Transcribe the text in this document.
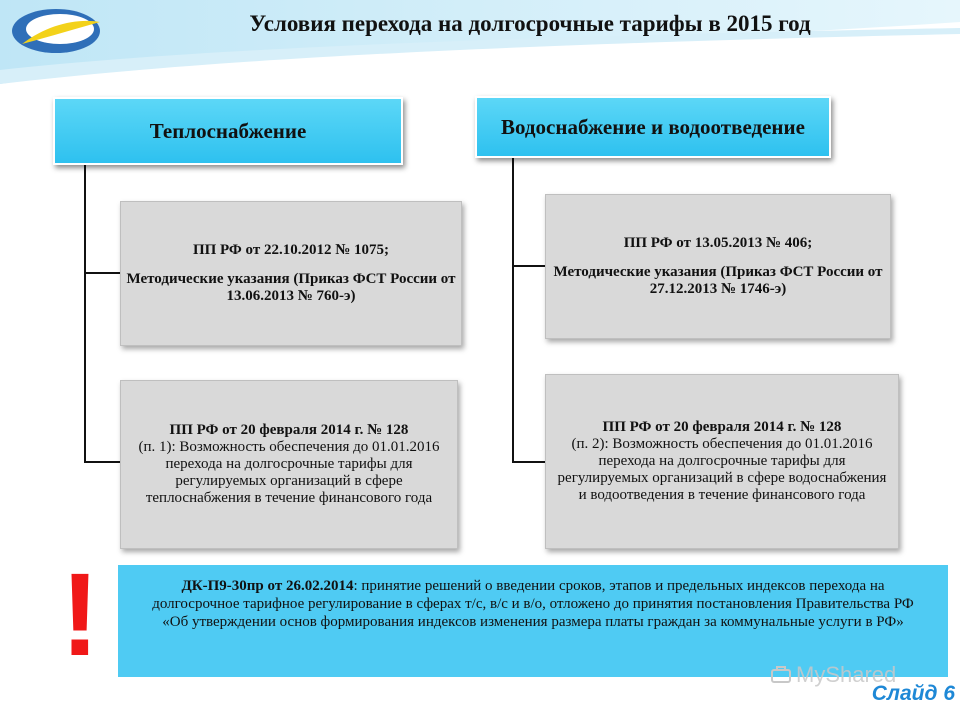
Условия перехода на долгосрочные тарифы в 2015 год
Теплоснабжение

ПП РФ от 22.10.2012 № 1075;

Методические указания (Приказ ФСТ России от 13.06.2013 № 760-э)

ПП РФ от 20 февраля 2014 г. № 128

(п. 1): Возможность обеспечения до 01.01.2016 перехода на долгосрочные тарифы для регулируемых организаций в сфере теплоснабжения в течение финансового года

Водоснабжение и водоотведение

ПП РФ от 13.05.2013 № 406;

Методические указания (Приказ ФСТ России от 27.12.2013 № 1746-э)

ПП РФ от 20 февраля 2014 г. № 128

(п. 2): Возможность обеспечения до 01.01.2016 перехода на долгосрочные тарифы для регулируемых организаций в сфере водоснабжения и водоотведения в течение финансового года

!	ДК-П9-30пр от 26.02.2014: принятие решений о введении сроков, этапов и предельных индексов перехода на долгосрочное тарифное регулирование в сферах т/с, в/с и в/о, отложено до принятия постановления Правительства РФ «Об утверждении основ формирования индексов изменения размера платы граждан за коммунальные услуги в РФ»
MyShared
Слайд 6
